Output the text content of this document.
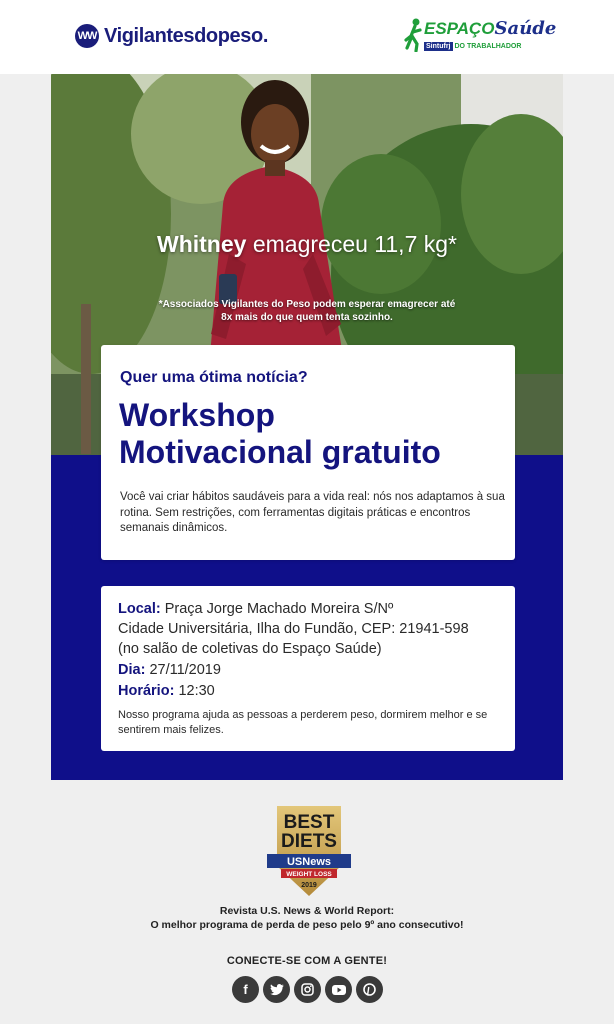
WW Vigilantesdopeso.	ESPAÇOSaúde
Sintufrj DO TRABALHADOR
Whitney emagreceu 11,7 kg*
*Associados Vigilantes do Peso podem esperar emagrecer até 8x mais do que quem tenta sozinho.
Quer uma ótima notícia?
Workshop
Motivacional gratuito
Você vai criar hábitos saudáveis para a vida real: nós nos adaptamos à sua rotina. Sem restrições, com ferramentas digitais práticas e encontros semanais dinâmicos.
Local: Praça Jorge Machado Moreira S/Nº
Cidade Universitária, Ilha do Fundão, CEP: 21941-598
(no salão de coletivas do Espaço Saúde)
Dia: 27/11/2019
Horário: 12:30
Nosso programa ajuda as pessoas a perderem peso, dormirem melhor e se sentirem mais felizes.
BEST
DIETS
USNews
WEIGHT LOSS
2019
Revista U.S. News & World Report:
O melhor programa de perda de peso pelo 9º ano consecutivo!
CONECTE-SE COM A GENTE!
f
